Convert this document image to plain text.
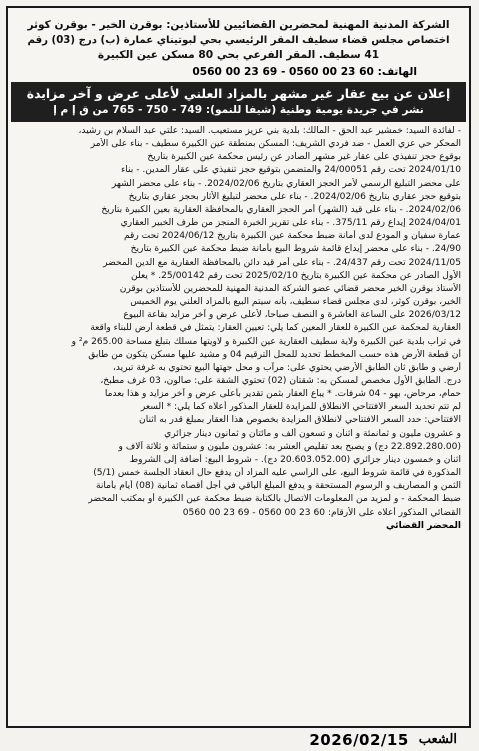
الشركة المدنية المهنية لمحضرين القضائيين للأستاذين: بوقرن الخير - بوقرن كوثر
اختصاص مجلس قضاء سطيف المقر الرئيسي بحي لبوتيناي عمارة (ب) درج (03) رقم
41 سطيف. المقر الفرعي بحي 80 مسكن عين الكبيرة
الهاتف: 60 23 00 0560 - 69 23 00 0560
إعلان عن بيع عقار غير مشهر بالمزاد العلني لأعلى عرض و آخر مزايدة
نشر في جريدة يومية وطنية (شيفا للنمو): 749 - 750 - 765 من ق إ م إ

- لفائدة السيد: خمشير عبد الحق - المالك: بلدية بني عزيز مستعيب. السيد: علتي عبد السلام بن رشيد،

المحكر حي عزي العمل - ضد فردي الشريف: المسكن بمنطقة عين الكبيرة سطيف - بناء على الأمر

بوقوع حجز تنفيذي على عقار غير مشهر الصادر عن رئيس محكمة عين الكبيرة بتاريخ

2024/01/10 تحت رقم 24/00051 والمتضمن بتوقيع حجز تنفيذي على عقار المدين. - بناء

على محضر التبليغ الرسمي لأمر الحجز العقاري بتاريخ 2024/02/06. - بناء على محضر الشهر

بتوقيع حجز عقاري بتاريخ 2024/02/06. - بناء على محضر لتبليغ الأثار بحجز عقاري بتاريخ

2024/02/06. - بناء على قيد (الشهر) أمر الحجز العقاري بالمحافظة العقارية بعين الكبيرة بتاريخ

2024/04/01 إيداع رقم 375/11. - بناء على تقرير الخبرة المنجز من طرف الخبير العقاري

عمارة سفيان و المودع لدى أمانة ضبط محكمة عين الكبيرة بتاريخ 2024/06/12 تحت رقم

24/90. - بناء على محضر إيداع قائمة شروط البيع بأمانة ضبط محكمة عين الكبيرة بتاريخ

2024/11/05 تحت رقم 24/437. - بناء على أمر قيد دائن بالمحافظة العقارية مع الدين المحضر

الأول الصادر عن محكمة عين الكبيرة بتاريخ 2025/02/10 تحت رقم 25/00142. * يعلن

الأستاذ بوقرن الخير محضر قضائي عضو الشركة المدنية المهنية للمحضرين للأستاذين بوقرن

الخير، بوقرن كوثر، لدى مجلس قضاء سطيف، بأنه سيتم البيع بالمزاد العلني يوم الخميس

2026/03/12 على الساعة العاشرة و النصف صباحا، لأعلى عرض و آخر مزايد بقاعة البيوع

العقارية لمحكمة عين الكبيرة للعقار المعين كما يلي: تعيين العقار: يتمثل في قطعة أرض للبناء واقعة

في تراب بلدية عين الكبيرة ولاية سطيف العقارية عين الكبيرة و لاويتها مسلك بتبلغ مساحة 265.00 م² و

أن قطعة الأرض هذه حسب المخطط تحديد للمحل الترقيم 04 و مشيد عليها مسكن يتكون من طابق

أرضي و طابق ثان الطابق الأرضي يحتوي على: مرآب و محل جهتها البيع تحتوي به غرفة تبريد،

درج. الطابق الأول مخصص لمسكن به: شقتان (02) تحتوي الشقة على: صالون، 03 غرف مطبخ،

حمام، مرحاض، بهو - 04 شرفات. * يباع العقار بثمن تقدير بأعلى عرض و آخر مزايد و هذا بعدما

لم تتم تحديد السعر الافتتاحي الانطلاق للمزايدة للعقار المذكور أعلاه كما يلي: * السعر

الافتتاحي: حدد السعر الافتتاحي لانطلاق المزايدة بخصوص هذا العقار بمبلغ قدر به اثنان

و عشرون مليون و ثمانمئة و اثنان و تسعون ألف و مائتان و ثمانون دينار جزائري

(22.892.280.00 دج) و يصبح بعد تقليص العشر به: عشرون مليون و ستمائة و ثلاثة آلاف و

اثنان و خمسون دينار جزائري (20.603.052.00 دج). - شروط البيع: أضافة إلى الشروط

المذكورة في قائمة شروط البيع، على الراسي عليه المزاد أن يدفع حال انعقاد الجلسة خمس (5/1)

الثمن و المصاريف و الرسوم المستحقة و يدفع المبلغ الباقي في أجل أقصاه ثمانية (08) أيام بأمانة

ضبط المحكمة - و لمزيد من المعلومات الاتصال بالكتابة ضبط محكمة عين الكبيرة أو بمكتب المحضر

القضائي المذكور أعلاه على الأرقام: 60 23 00 0560 - 69 23 00 0560

المحضر القضائي
2026/02/15 الشعب
